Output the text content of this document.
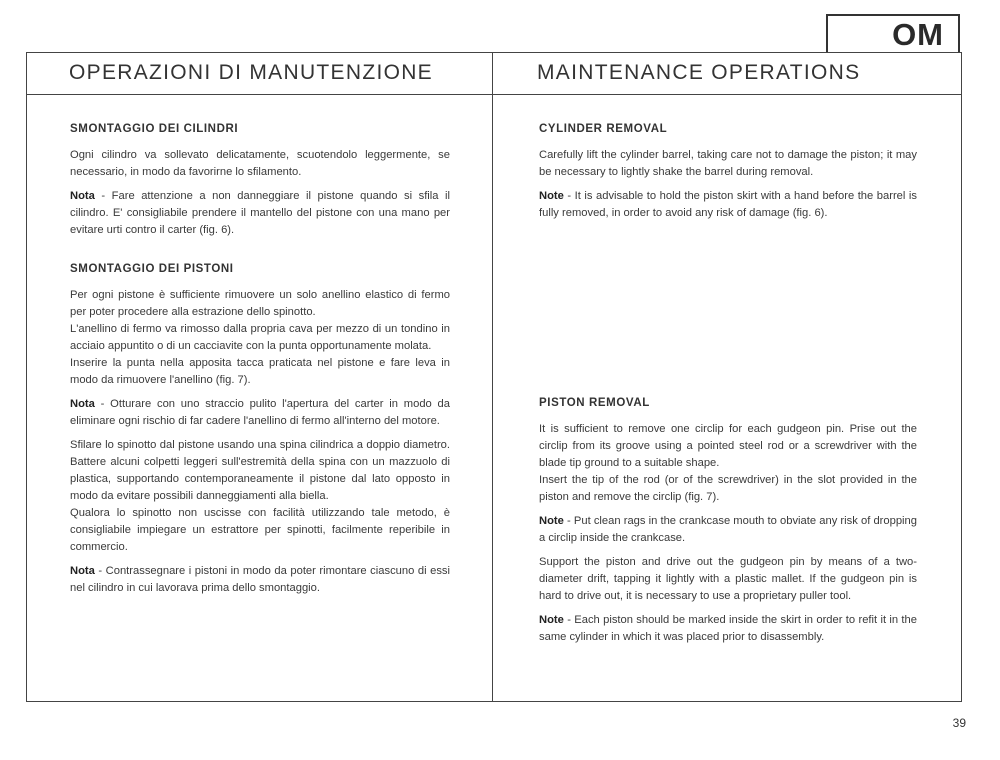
OM
OPERAZIONI DI MANUTENZIONE	MAINTENANCE OPERATIONS
SMONTAGGIO DEI CILINDRI

Ogni cilindro va sollevato delicatamente, scuotendolo leggermente, se necessario, in modo da favorirne lo sfilamento.

Nota - Fare attenzione a non danneggiare il pistone quando si sfila il cilindro. E' consigliabile prendere il mantello del pistone con una mano per evitare urti contro il carter (fig. 6).

SMONTAGGIO DEI PISTONI

Per ogni pistone è sufficiente rimuovere un solo anellino elastico di fermo per poter procedere alla estrazione dello spinotto.

L'anellino di fermo va rimosso dalla propria cava per mezzo di un tondino in acciaio appuntito o di un cacciavite con la punta opportunamente molata.

Inserire la punta nella apposita tacca praticata nel pistone e fare leva in modo da rimuovere l'anellino (fig. 7).

Nota - Otturare con uno straccio pulito l'apertura del carter in modo da eliminare ogni rischio di far cadere l'anellino di fermo all'interno del motore.

Sfilare lo spinotto dal pistone usando una spina cilindrica a doppio diametro. Battere alcuni colpetti leggeri sull'estremità della spina con un mazzuolo di plastica, supportando contemporaneamente il pistone dal lato opposto in modo da evitare possibili danneggiamenti alla biella.

Qualora lo spinotto non uscisse con facilità utilizzando tale metodo, è consigliabile impiegare un estrattore per spinotti, facilmente reperibile in commercio.

Nota - Contrassegnare i pistoni in modo da poter rimontare ciascuno di essi nel cilindro in cui lavorava prima dello smontaggio.

CYLINDER REMOVAL

Carefully lift the cylinder barrel, taking care not to damage the piston; it may be necessary to lightly shake the barrel during removal.

Note - It is advisable to hold the piston skirt with a hand before the barrel is fully removed, in order to avoid any risk of damage (fig. 6).

PISTON REMOVAL

It is sufficient to remove one circlip for each gudgeon pin. Prise out the circlip from its groove using a pointed steel rod or a screwdriver with the blade tip ground to a suitable shape.

Insert the tip of the rod (or of the screwdriver) in the slot provided in the piston and remove the circlip (fig. 7).

Note - Put clean rags in the crankcase mouth to obviate any risk of dropping a circlip inside the crankcase.

Support the piston and drive out the gudgeon pin by means of a two-diameter drift, tapping it lightly with a plastic mallet. If the gudgeon pin is hard to drive out, it is necessary to use a proprietary puller tool.

Note - Each piston should be marked inside the skirt in order to refit it in the same cylinder in which it was placed prior to disassembly.

39
